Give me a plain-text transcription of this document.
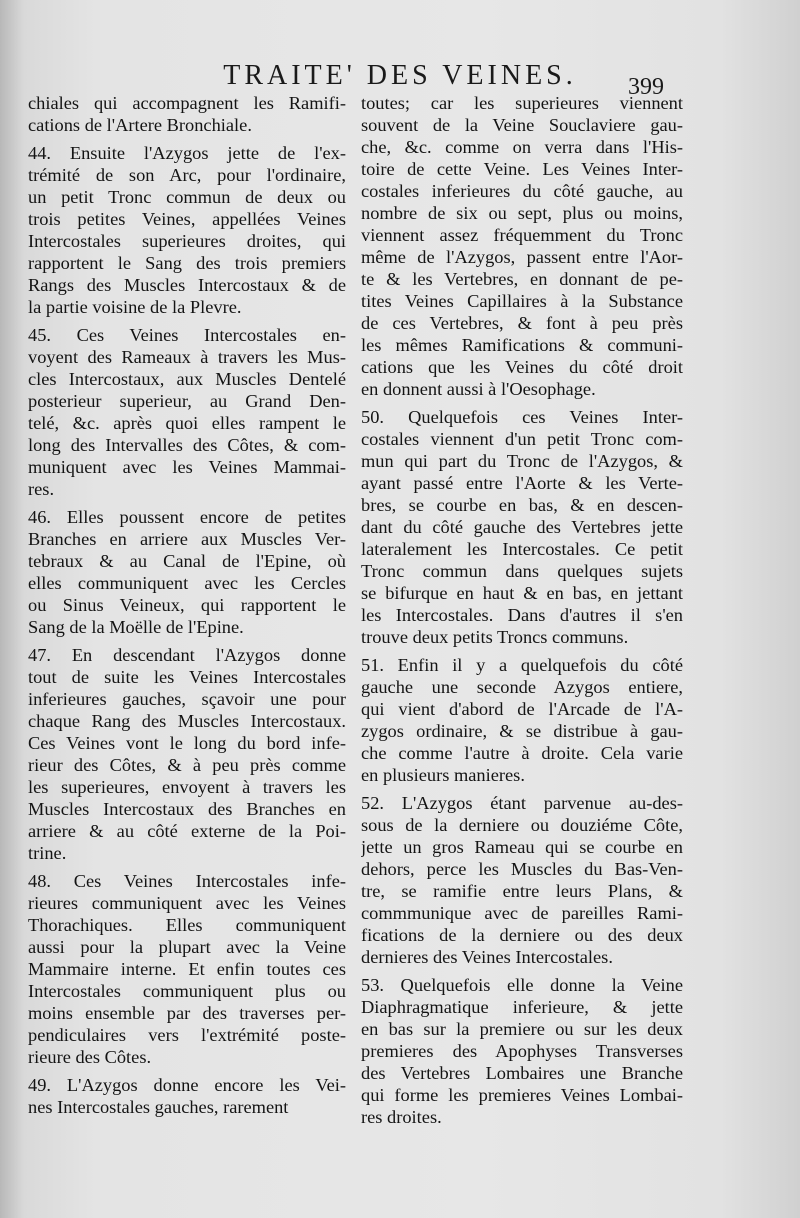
TRAITE' DES VEINES.	399
chiales qui accompagnent les Ramifi-
cations de l'Artere Bronchiale.
44. Ensuite l'Azygos jette de l'ex-
trémité de son Arc, pour l'ordinaire,
un petit Tronc commun de deux ou
trois petites Veines, appellées Veines
Intercostales superieures droites, qui
rapportent le Sang des trois premiers
Rangs des Muscles Intercostaux & de
la partie voisine de la Plevre.
45. Ces Veines Intercostales en-
voyent des Rameaux à travers les Mus-
cles Intercostaux, aux Muscles Dentelé
posterieur superieur, au Grand Den-
telé, &c. après quoi elles rampent le
long des Intervalles des Côtes, & com-
muniquent avec les Veines Mammai-
res.
46. Elles poussent encore de petites
Branches en arriere aux Muscles Ver-
tebraux & au Canal de l'Epine, où
elles communiquent avec les Cercles
ou Sinus Veineux, qui rapportent le
Sang de la Moëlle de l'Epine.
47. En descendant l'Azygos donne
tout de suite les Veines Intercostales
inferieures gauches, sçavoir une pour
chaque Rang des Muscles Intercostaux.
Ces Veines vont le long du bord infe-
rieur des Côtes, & à peu près comme
les superieures, envoyent à travers les
Muscles Intercostaux des Branches en
arriere & au côté externe de la Poi-
trine.
48. Ces Veines Intercostales infe-
rieures communiquent avec les Veines
Thorachiques. Elles communiquent
aussi pour la plupart avec la Veine
Mammaire interne. Et enfin toutes ces
Intercostales communiquent plus ou
moins ensemble par des traverses per-
pendiculaires vers l'extrémité poste-
rieure des Côtes.
49. L'Azygos donne encore les Vei-
nes Intercostales gauches, rarement
toutes; car les superieures viennent
souvent de la Veine Souclaviere gau-
che, &c. comme on verra dans l'His-
toire de cette Veine. Les Veines Inter-
costales inferieures du côté gauche, au
nombre de six ou sept, plus ou moins,
viennent assez fréquemment du Tronc
même de l'Azygos, passent entre l'Aor-
te & les Vertebres, en donnant de pe-
tites Veines Capillaires à la Substance
de ces Vertebres, & font à peu près
les mêmes Ramifications & communi-
cations que les Veines du côté droit
en donnent aussi à l'Oesophage.
50. Quelquefois ces Veines Inter-
costales viennent d'un petit Tronc com-
mun qui part du Tronc de l'Azygos, &
ayant passé entre l'Aorte & les Verte-
bres, se courbe en bas, & en descen-
dant du côté gauche des Vertebres jette
lateralement les Intercostales. Ce petit
Tronc commun dans quelques sujets
se bifurque en haut & en bas, en jettant
les Intercostales. Dans d'autres il s'en
trouve deux petits Troncs communs.
51. Enfin il y a quelquefois du côté
gauche une seconde Azygos entiere,
qui vient d'abord de l'Arcade de l'A-
zygos ordinaire, & se distribue à gau-
che comme l'autre à droite. Cela varie
en plusieurs manieres.
52. L'Azygos étant parvenue au-des-
sous de la derniere ou douziéme Côte,
jette un gros Rameau qui se courbe en
dehors, perce les Muscles du Bas-Ven-
tre, se ramifie entre leurs Plans, &
commmunique avec de pareilles Rami-
fications de la derniere ou des deux
dernieres des Veines Intercostales.
53. Quelquefois elle donne la Veine
Diaphragmatique inferieure, & jette
en bas sur la premiere ou sur les deux
premieres des Apophyses Transverses
des Vertebres Lombaires une Branche
qui forme les premieres Veines Lombai-
res droites.
